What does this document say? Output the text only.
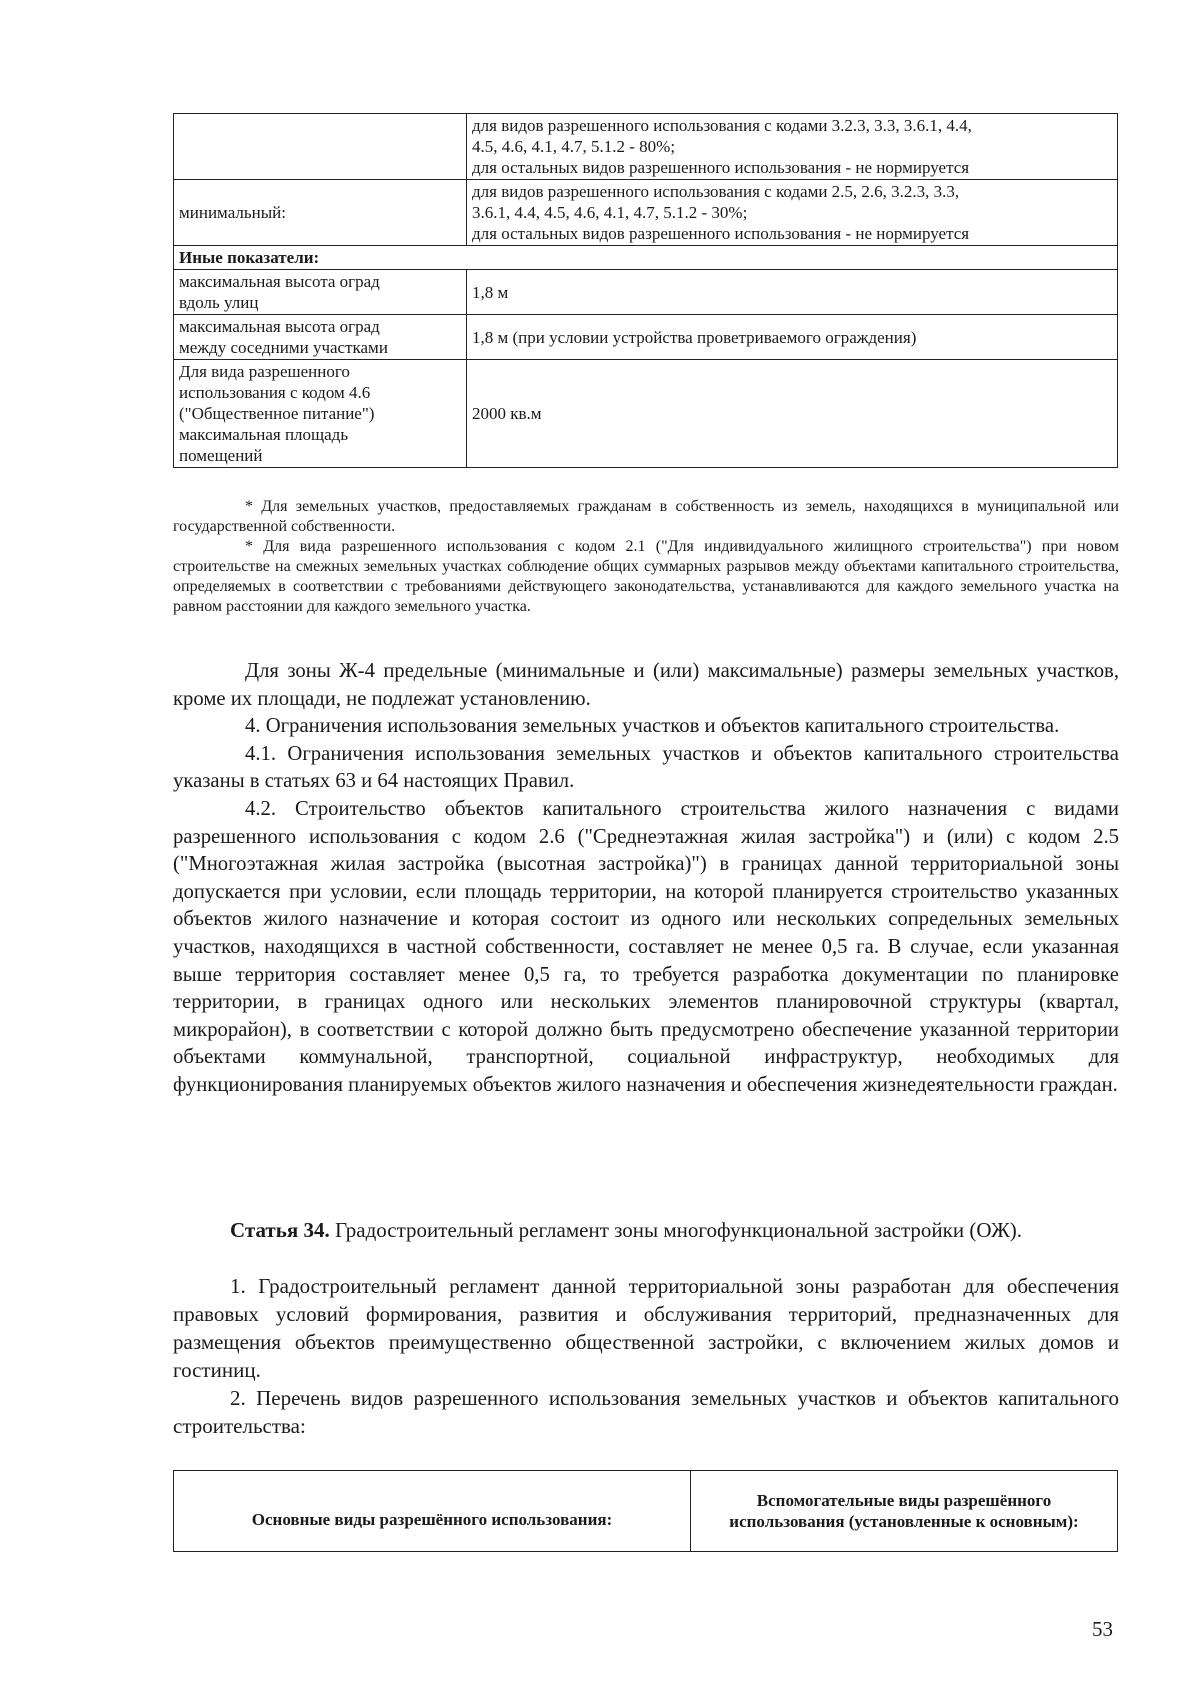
	для видов разрешенного использования с кодами 3.2.3, 3.3, 3.6.1, 4.4,
4.5, 4.6, 4.1, 4.7, 5.1.2 - 80%;
для остальных видов разрешенного использования - не нормируется

минимальный:	для видов разрешенного использования с кодами 2.5, 2.6, 3.2.3, 3.3,
3.6.1, 4.4, 4.5, 4.6, 4.1, 4.7, 5.1.2 - 30%;
для остальных видов разрешенного использования - не нормируется

Иные показатели:	

максимальная высота оград
вдоль улиц	1,8 м

максимальная высота оград
между соседними участками	1,8 м (при условии устройства проветриваемого ограждения)

Для вида разрешенного
использования с кодом 4.6
("Общественное питание")
максимальная площадь
помещений	2000 кв.м

* Для земельных участков, предоставляемых гражданам в собственность из земель, находящихся в муниципальной или государственной собственности.

* Для вида разрешенного использования с кодом 2.1 ("Для индивидуального жилищного строительства") при новом строительстве на смежных земельных участках соблюдение общих суммарных разрывов между объектами капитального строительства, определяемых в соответствии с требованиями действующего законодательства, устанавливаются для каждого земельного участка на равном расстоянии для каждого земельного участка.

Для зоны Ж-4 предельные (минимальные и (или) максимальные) размеры земельных участков, кроме их площади, не подлежат установлению.

4. Ограничения использования земельных участков и объектов капитального строительства.

4.1. Ограничения использования земельных участков и объектов капитального строительства указаны в статьях 63 и 64 настоящих Правил.

4.2. Строительство объектов капитального строительства жилого назначения с видами разрешенного использования с кодом 2.6 ("Среднеэтажная жилая застройка") и (или) с кодом 2.5 ("Многоэтажная жилая застройка (высотная застройка)") в границах данной территориальной зоны допускается при условии, если площадь территории, на которой планируется строительство указанных объектов жилого назначение и которая состоит из одного или нескольких сопредельных земельных участков, находящихся в частной собственности, составляет не менее 0,5 га. В случае, если указанная выше территория составляет менее 0,5 га, то требуется разработка документации по планировке территории, в границах одного или нескольких элементов планировочной структуры (квартал, микрорайон), в соответствии с которой должно быть предусмотрено обеспечение указанной территории объектами коммунальной, транспортной, социальной инфраструктур, необходимых для функционирования планируемых объектов жилого назначения и обеспечения жизнедеятельности граждан.

Статья 34. Градостроительный регламент зоны многофункциональной застройки (ОЖ).

1. Градостроительный регламент данной территориальной зоны разработан для обеспечения правовых условий формирования, развития и обслуживания территорий, предназначенных для размещения объектов преимущественно общественной застройки, с включением жилых домов и гостиниц.

2. Перечень видов разрешенного использования земельных участков и объектов капитального строительства:

Основные виды разрешённого использования:	Вспомогательные виды разрешённого использования (установленные к основным):
53
